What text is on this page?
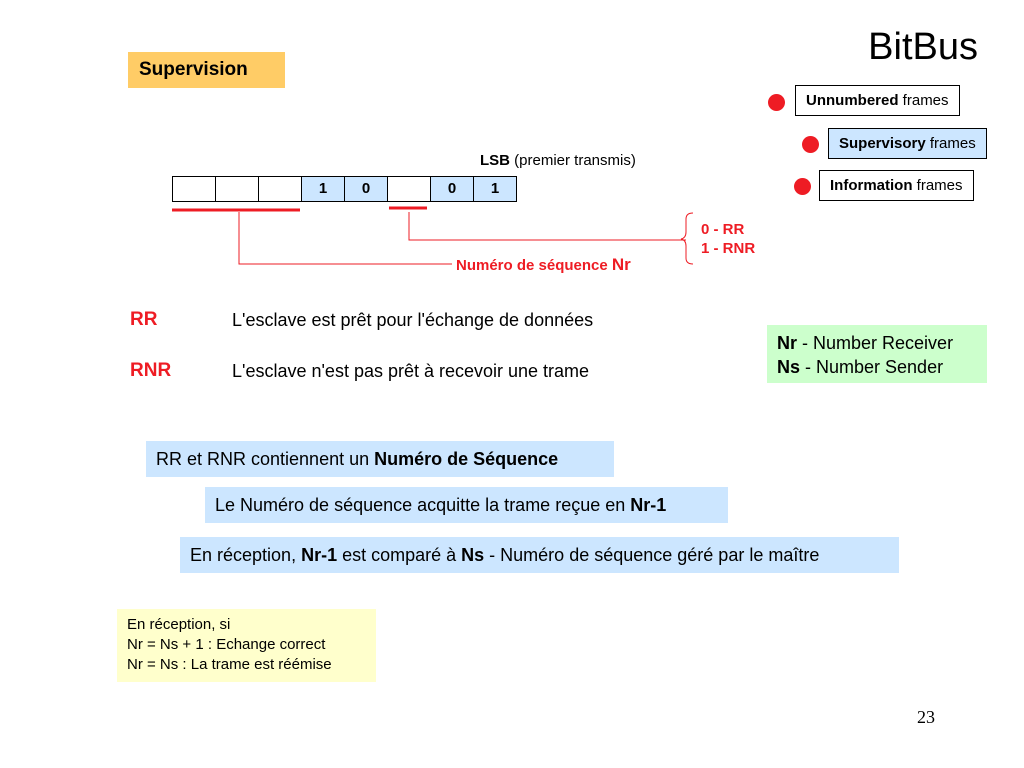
BitBus
Supervision
Unnumbered frames
Supervisory frames
Information frames
LSB (premier transmis)
1	0	0	1
0 - RR
1 - RNR
Numéro de séquence Nr
RR	L'esclave est prêt pour l'échange de données
RNR	L'esclave n'est pas prêt à recevoir une trame
Nr - Number Receiver
Ns - Number Sender
RR et RNR contiennent un Numéro de Séquence
Le Numéro de séquence acquitte la trame reçue en Nr-1
En réception, Nr-1 est comparé à Ns - Numéro de séquence géré par le maître
En réception, si
Nr = Ns + 1 : Echange correct
Nr = Ns : La trame est réémise
23
